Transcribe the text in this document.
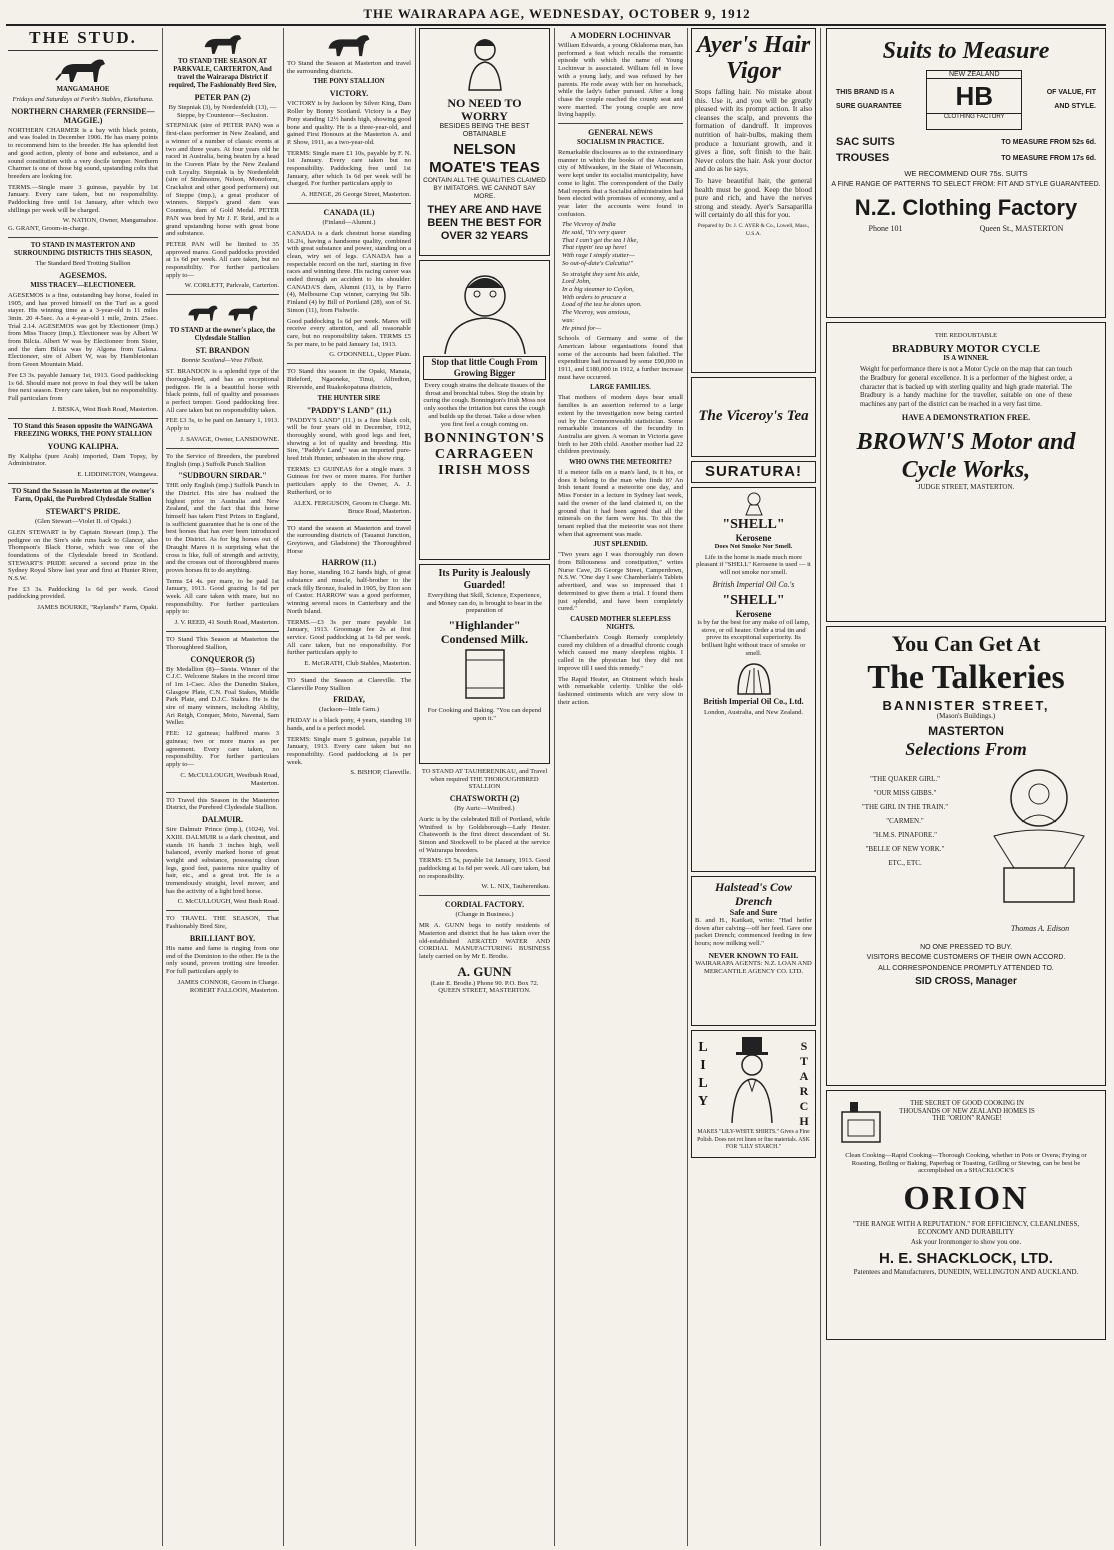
THE WAIRARAPA AGE, WEDNESDAY, OCTOBER 9, 1912
THE STUD.
MANGAMAHOE
Fridays and Saturdays at Forth's Stables, Eketahuna.
NORTHERN CHARMER (FERNSIDE—MAGGIE.)
NORTHERN CHARMER is a bay with black points, and was foaled in December 1906. He has many points to recommend him to the breeder. He has splendid feet and good action, plenty of bone and substance, and a sound constitution with a very docile temper. Northern Charmer is one of those big sound, upstanding colts that breeders are looking for.
TERMS.—Single mare 3 guineas, payable by 1st January. Every care taken, but no responsibility. Paddocking free until 1st January, after which two shillings per week will be charged.
W. NATION, Owner, Mangamahoe.
G. GRANT, Groom-in-charge.
TO STAND IN MASTERTON AND SURROUNDING DISTRICTS THIS SEASON,
The Standard Bred Trotting Stallion
AGESEMOS.
MISS TRACEY—ELECTIONEER.
AGESEMOS is a fine, outstanding bay horse, foaled in 1905, and has proved himself on the Turf as a good stayer. His winning time as a 3-year-old is 11 miles 3min. 20 4-5sec. As a 4-year-old 1 mile, 2min. 25sec. Trial 2.14. AGESEMOS was got by Electioneer (imp.) from Miss Tracey (imp.). Electioneer was by Albert W from Bilcia. Albert W was by Electioneer from Sister, and the dam Bilcia was by Algona from Galena. Electioneer, sire of Albert W, was by Hambletonian from Green Mountain Maid.
Fee £3 3s. payable January 1st, 1913. Good paddocking 1s 6d. Should mare not prove in foal they will be taken free next season. Every care taken, but no responsibility. Full particulars from
J. BESKA, West Bush Road, Masterton.
TO Stand this Season opposite the WAINGAWA FREEZING WORKS, THE PONY STALLION
YOUNG KALIPHA.
By Kalipha (pure Arab) imported, Dam Topsy, by Administrator.
E. LIDDINGTON, Waingawa.
TO Stand the Season in Masterton at the owner's Farm, Opaki, the Purebred Clydesdale Stallion
STEWART'S PRIDE.
(Glen Stewart—Violet II. of Opaki.)
GLEN STEWART is by Captain Stewart (imp.). The pedigree on the Sire's side runs back to Glancer, also Thompson's Black Horse, which was one of the foundations of the Clydesdale breed in Scotland. STEWART'S PRIDE secured a second prize in the Sydney Royal Show last year and first at Hunter River, N.S.W.
Fee £3 3s. Paddocking 1s 6d per week. Good paddocking provided.
JAMES BOURKE, "Rayland's" Farm, Opaki.
TO STAND THE SEASON AT PARKVALE, CARTERTON, And travel the Wairarapa District if required, The Fashionably Bred Sire,
PETER PAN (2)
By Stepniak (3), by Nordenfeldt (13), —Steppe, by Countenor—Seclusion.
STEPNIAK (sire of PETER PAN) was a first-class performer in New Zealand, and a winner of a number of classic events at two and three years. At four years old he raced in Australia, being beaten by a head in the Craven Plate by the New Zealand colt Loyalty. Stepniak is by Nordenfeldt (sire of Stralmonre, Nelson, Monoform, Crackshot and other good performers) out of Steppe (imp.), a great producer of winners. Steppe's grand dam was Countess, dam of Gold Medal. PETER PAN was bred by Mr J. F. Reid, and is a grand upstanding horse with great bone and substance.
PETER PAN will be limited to 35 approved mares. Good paddocks provided at 1s 6d per week. All care taken, but no responsibility. For further particulars apply to—
W. CORLETT, Parkvale, Carterton.
TO STAND at the owner's place, the Clydesdale Stallion
ST. BRANDON
Bonnie Scotland—Vree Filboit.
ST. BRANDON is a splendid type of the thorough-bred, and has an exceptional pedigree. He is a beautiful horse with black points, full of quality and possesses a perfect temper. Good paddocking free. All care taken but no responsibility taken.
FEE £3 3s, to be paid on January 1, 1913. Apply to
J. SAVAGE, Owner, LANSDOWNE.
To the Service of Breeders, the purebred English (imp.) Suffolk Punch Stallion
"SUDBOURN SIRDAR."
THE only English (imp.) Suffolk Punch in the District. His sire has realised the highest price in Australia and New Zealand, and the fact that this horse himself has taken First Prizes in England, is sufficient guarantee that he is one of the best horses that has ever been introduced to the District. As for big horses out of Draught Mares it is surprising what the cross is like, full of strength and activity, and the crosses out of thoroughbred mares proves horses fit to do anything.
Terms £4 4s. per mare, to be paid 1st January, 1913. Good grazing 1s 6d per week. All care taken with mare, but no responsibility. For further particulars apply to:
J. V. REED, 41 South Road, Masterton.
TO Stand This Season at Masterton the Thoroughbred Stallion,
CONQUEROR (5)
By Medallion (8)—Siesta. Winner of the C.J.C. Welcome Stakes in the record time of 1m 1-Csec. Also the Dunedin Stakes, Glasgow Plate, C.N. Foal Stakes, Middle Park Plate, and D.J.C. Stakes. He is the sire of many winners, including Ability, Ari Reigh, Conquer, Moto, Navenal, Sam Weller.
FEE: 12 guineas; halfbred mares 3 guineas; two or more mares as per agreement. Every care taken, no responsibility. For further particulars apply to—
C. McCULLOUGH, Westbush Road, Masterton.
TO Travel this Season in the Masterton District, the Purebred Clydesdale Stallion.
DALMUIR.
Sire Dalmuir Prince (imp.), (1024), Vol. XXIII. DALMUIR is a dark chestnut, and stands 16 hands 3 inches high, well balanced, evenly marked horse of great weight and substance, possessing clean legs, good feet, pasterns nice quality of hair, etc., and a great trot. He is a tremendously straight, level mover, and has the activity of a light bred horse.
C. McCULLOUGH, West Bush Road.
TO TRAVEL THE SEASON, That Fashionably Bred Sire,
BRILLIANT BOY.
His name and fame is ringing from one end of the Dominion to the other. He is the only sound, proven trotting sire breeder. For full particulars apply to
JAMES CONNOR, Groom in Charge. ROBERT FALLOON, Masterton.
TO Stand the Season at Masterton and travel the surrounding districts.
THE PONY STALLION
VICTORY.
VICTORY is by Jackson by Silver King, Dam Roller by Bonny Scotland. Victory is a Bay Pony standing 12½ hands high, showing good bone and quality. He is a three-year-old, and gained First Honours at the Masterton A. and P. Show, 1911, as a two-year-old.
TERMS: Single mare £1 10s, payable by F. N. 1st January. Every care taken but no responsibility. Paddocking free until 1st January, after which 1s 6d per week will be charged. For further particulars apply to
A. HENGE, 26 George Street, Masterton.
CANADA (1L)
(Finland—Alumni.)
CANADA is a dark chestnut horse standing 16.2¼, having a handsome quality, combined with great substance and power, standing on a clean, wiry set of legs. CANADA has a respectable record on the turf, starting in five races and winning three. His racing career was ended through an accident to his shoulder. CANADA'S dam, Alumni (11), is by Farro (4), Melbourne Cup winner, carrying 9st 5lb. Finland (4) by Bill of Portland (28), son of St. Simon (11), from Fishwife.
Good paddocking 1s 6d per week. Mares will receive every attention, and all reasonable care, but no responsibility taken. TERMS £5 5s per mare, to be paid January 1st, 1913.
G. O'DONNELL, Upper Plain.
TO Stand this season in the Opaki, Manaia, Bideford, Ngaoneke, Tinui, Alfredton, Riverside, and Ruakokopatuna districts,
THE HUNTER SIRE
"PADDY'S LAND" (11.)
"PADDY'S LAND" (11.) is a fine black colt, will be four years old in December, 1912, thoroughly sound, with good legs and feet, showing a lot of quality and breeding. His Sire, "Paddy's Land," was an imported pure-bred Irish Hunter, unbeaten in the show ring.
TERMS: £3 GUINEAS for a single mare. 3 Guineas for two or more mares. For further particulars apply to the Owner, A. J. Rutherfurd, or to
ALEX. FERGUSON, Groom in Charge. Mt. Bruce Road, Masterton.
TO stand the season at Masterton and travel the surrounding districts of (Tauanui Junction, Greytown, and Gladstone) the Thoroughbred Horse
HARROW (11.)
Bay horse, standing 16.2 hands high, of great substance and muscle, half-brother to the crack filly Bronze, foaled in 1905, by Eton son of Castor. HARROW was a good performer, winning several races in Canterbury and the North Island.
TERMS.—£3 3s per mare payable 1st January, 1913. Groomage fee 2s at first service. Good paddocking at 1s 6d per week. All care taken, but no responsibility. For further particulars apply to
E. McGRATH, Club Stables, Masterton.
TO Stand the Season at Clareville. The Clareville Pony Stallion
FRIDAY,
(Jackson—little Gem.)
FRIDAY is a black pony, 4 years, standing 10 hands, and is a perfect model.
TERMS: Single mare 5 guineas, payable 1st January, 1913. Every care taken but no responsibility. Good paddocking at 1s per week.
S. BISHOP, Clareville.
NO NEED TO WORRY
BESIDES BEING THE BEST OBTAINABLE
NELSON MOATE'S TEAS
CONTAIN ALL THE QUALITIES CLAIMED BY IMITATORS. WE CANNOT SAY MORE.
THEY ARE AND HAVE BEEN THE BEST FOR OVER 32 YEARS
Stop that little Cough From Growing Bigger
Every cough strains the delicate tissues of the throat and bronchial tubes. Stop the strain by curing the cough. Bonnington's Irish Moss not only soothes the irritation but cures the cough and builds up the throat. Take a dose when you first feel a cough coming on.
BONNINGTON'S CARRAGEEN IRISH MOSS
Its Purity is Jealously Guarded!
Everything that Skill, Science, Experience, and Money can do, is brought to bear in the preparation of
"Highlander" Condensed Milk.
For Cooking and Baking. "You can depend upon it."
TO STAND AT TAUHERENIKAU, and Travel when required THE THOROUGHBRED STALLION
CHATSWORTH (2)
(By Auric—Winifred.)
Auric is by the celebrated Bill of Portland, while Winifred is by Goldsborough—Lady Hester. Chatsworth is the first direct descendant of St. Simon and Stockwell to be placed at the service of Wairarapa breeders.
TERMS: £5 5s, payable 1st January, 1913. Good paddocking at 1s 6d per week. All care taken, but no responsibility.
W. L. NIX, Tauherenikau.
CORDIAL FACTORY.
(Change in Business.)
MR A. GUNN begs to notify residents of Masterton and district that he has taken over the old-established AERATED WATER AND CORDIAL MANUFACTURING BUSINESS lately carried on by Mr E. Brodie.
A. GUNN
(Late E. Brodie.) Phone 90. P.O. Box 72. QUEEN STREET, MASTERTON.
A MODERN LOCHINVAR
William Edwards, a young Oklahoma man, has performed a feat which recalls the romantic episode with which the name of Young Lochinvar is associated. William fell in love with a young lady, and was refused by her parents. He rode away with her on horseback, while the lady's father pursued. After a long chase the couple reached the county seat and were married. The young couple are now living happily.
GENERAL NEWS
SOCIALISM IN PRACTICE.
Remarkable disclosures as to the extraordinary manner in which the books of the American city of Milwaukee, in the State of Wisconsin, were kept under its socialist municipality, have come to light. The correspondent of the Daily Mail reports that a Socialist administration had been elected with promises of economy, and a year later the accounts were found in confusion.
The Viceroy of India
He said, "It's very queer
That I can't get the tea I like,
That rippin' tea up here!
With rage I simply stutter—
So out-of-date's Calcutta!"
So straight they sent his aide,
Lord John,
In a big steamer to Ceylon,
With orders to procure a
Load of the tea he dotes upon.
The Viceroy, was anxious,
was:
He pined for—
Schools of Germany and some of the American labour organisations found that some of the accounts had been falsified. The expenditure had increased by some £90,000 in 1911, and £180,000 in 1912, a further increase must have occurred.
LARGE FAMILIES.
That mothers of modern days bear small families is an assertion referred to a large extent by the investigation now being carried out by the Commonwealth statistician. Some remarkable instances of the fecundity in Australia are given. A woman in Victoria gave birth to her 20th child. Another mother had 22 children previously.
WHO OWNS THE METEORITE?
If a meteor falls on a man's land, is it his, or does it belong to the man who finds it? An Irish tenant found a meteorite one day, and Miss Forster in a lecture in Sydney last week, said the owner of the land claimed it, on the ground that it had been agreed that all the minerals on the farm were his. To this the tenant replied that the meteorite was not there when that agreement was made.
JUST SPLENDID.
"Two years ago I was thoroughly run down from Biliousness and constipation," writes Nurse Cave, 26 George Street, Camperdown, N.S.W. "One day I saw Chamberlain's Tablets advertised, and was so impressed that I determined to give them a trial. I found them just splendid, and have been completely cured."
CAUSED MOTHER SLEEPLESS NIGHTS.
"Chamberlain's Cough Remedy completely cured my children of a dreadful chronic cough which caused me many sleepless nights. I called in the physician but they did not improve till I used this remedy."
The Rapid Heater, an Ointment which heals with remarkable celerity. Unlike the old-fashioned ointments which are very slow in their action.
Ayer's Hair Vigor
Stops falling hair. No mistake about this. Use it, and you will be greatly pleased with its prompt action. It also cleanses the scalp, and prevents the formation of dandruff. It improves nutrition of hair-bulbs, making them produce a luxuriant growth, and it gives a fine, soft finish to the hair. Never colors the hair. Ask your doctor and do as he says.
To have beautiful hair, the general health must be good. Keep the blood pure and rich, and have the nerves strong and steady. Ayer's Sarsaparilla will certainly do all this for you.
Prepared by Dr. J. C. AYER & Co., Lowell, Mass., U.S.A.
The Viceroy's Tea
SURATURA!
"SHELL"
Kerosene
Does Not Smoke Nor Smell.
Life in the home is made much more pleasant if "SHELL" Kerosene is used — it will not smoke nor smell.
British Imperial Oil Co.'s
"SHELL"
Kerosene
is by far the best for any make of oil lamp, stove, or oil heater. Order a trial tin and prove its exceptional superiority. Its brilliant light without trace of smoke or smell.
British Imperial Oil Co., Ltd.
London, Australia, and New Zealand.
Halstead's Cow Drench
Safe and Sure
B. and H., Katikati, write: "Had heifer down after calving—off her feed. Gave one packet Drench; commenced feeding in few hours; now milking well."
NEVER KNOWN TO FAIL
WAIRARAPA AGENTS: N.Z. LOAN AND MERCANTILE AGENCY CO. LTD.
LILY
STARCH
MAKES "LILY-WHITE SHIRTS." Gives a Fine Polish. Does not rot linen or fine materials. ASK FOR "LILY STARCH."
Suits to Measure
THIS BRAND IS A
SURE GUARANTEE
NEW ZEALAND
HB
CLOTHING FACTORY
OF VALUE, FIT
AND STYLE.
SAC SUITS	TO MEASURE FROM 52s 6d.
TROUSES	TO MEASURE FROM 17s 6d.
WE RECOMMEND OUR 75s. SUITS
A FINE RANGE OF PATTERNS TO SELECT FROM: FIT AND STYLE GUARANTEED.
N.Z. Clothing Factory
Phone 101	Queen St., MASTERTON
THE REDOUBTABLE
BRADBURY MOTOR CYCLE
IS A WINNER.
Weight for performance there is not a Motor Cycle on the map that can touch the Bradbury for general excellence. It is a performer of the highest order, a character that is backed up with sterling quality and high grade material. The Bradbury is a handy machine for the traveller, suitable on one of these machines any part of the district can be reached in a very fast time.
HAVE A DEMONSTRATION FREE.
BROWN'S Motor and Cycle Works,
JUDGE STREET, MASTERTON.
You Can Get At
The Talkeries
BANNISTER STREET,
(Mason's Buildings.)
MASTERTON
Selections From
"THE QUAKER GIRL."
"OUR MISS GIBBS."
"THE GIRL IN THE TRAIN."
"CARMEN."
"H.M.S. PINAFORE."
"BELLE OF NEW YORK."
ETC., ETC.
Thomas A. Edison
NO ONE PRESSED TO BUY.
VISITORS BECOME CUSTOMERS OF THEIR OWN ACCORD.
ALL CORRESPONDENCE PROMPTLY ATTENDED TO.
SID CROSS, Manager
THE SECRET OF GOOD COOKING IN THOUSANDS OF NEW ZEALAND HOMES IS THE "ORION" RANGE!
Clean Cooking—Rapid Cooking—Thorough Cooking, whether in Pots or Ovens; Frying or Roasting, Boiling or Baking, Paperbag or Toasting, Grilling or Stewing, can be best be accomplished on a SHACKLOCK'S
ORION
"THE RANGE WITH A REPUTATION." FOR EFFICIENCY, CLEANLINESS, ECONOMY AND DURABILITY
Ask your Ironmonger to show you one.
H. E. SHACKLOCK, LTD.
Patentees and Manufacturers, DUNEDIN, WELLINGTON AND AUCKLAND.
